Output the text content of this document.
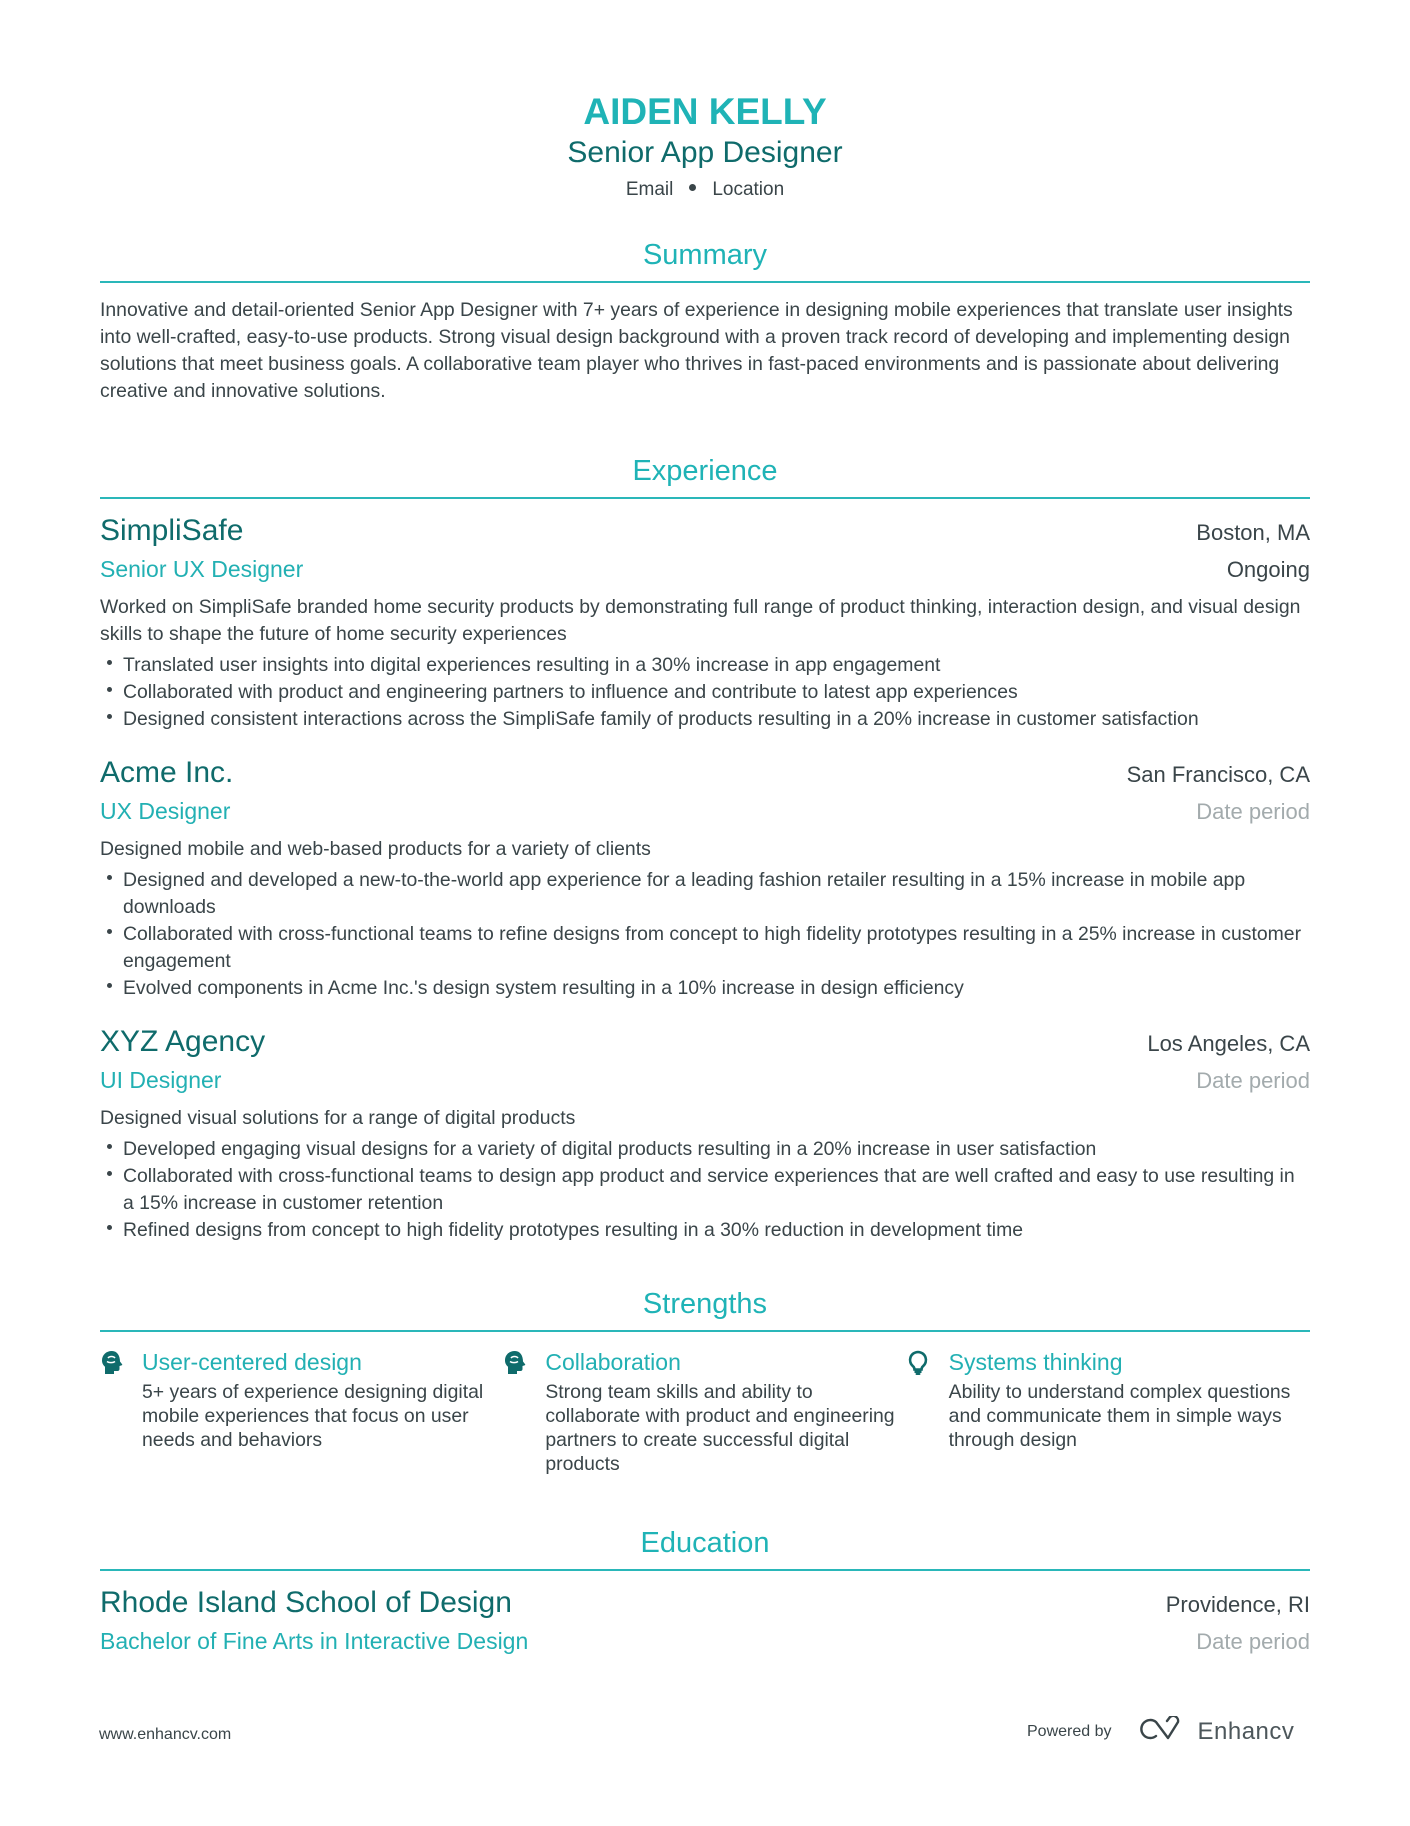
AIDEN KELLY
Senior App Designer
Email Location
Summary
Innovative and detail-oriented Senior App Designer with 7+ years of experience in designing mobile experiences that translate user insights into well-crafted, easy-to-use products. Strong visual design background with a proven track record of developing and implementing design solutions that meet business goals. A collaborative team player who thrives in fast-paced environments and is passionate about delivering creative and innovative solutions.
Experience
SimpliSafe	Boston, MA
Senior UX Designer	Ongoing
Worked on SimpliSafe branded home security products by demonstrating full range of product thinking, interaction design, and visual design skills to shape the future of home security experiences
Translated user insights into digital experiences resulting in a 30% increase in app engagement
Collaborated with product and engineering partners to influence and contribute to latest app experiences
Designed consistent interactions across the SimpliSafe family of products resulting in a 20% increase in customer satisfaction
Acme Inc.	San Francisco, CA
UX Designer	Date period
Designed mobile and web-based products for a variety of clients
Designed and developed a new-to-the-world app experience for a leading fashion retailer resulting in a 15% increase in mobile app downloads
Collaborated with cross-functional teams to refine designs from concept to high fidelity prototypes resulting in a 25% increase in customer engagement
Evolved components in Acme Inc.'s design system resulting in a 10% increase in design efficiency
XYZ Agency	Los Angeles, CA
UI Designer	Date period
Designed visual solutions for a range of digital products
Developed engaging visual designs for a variety of digital products resulting in a 20% increase in user satisfaction
Collaborated with cross-functional teams to design app product and service experiences that are well crafted and easy to use resulting in a 15% increase in customer retention
Refined designs from concept to high fidelity prototypes resulting in a 30% reduction in development time
Strengths
User-centered design
5+ years of experience designing digital mobile experiences that focus on user needs and behaviors
Collaboration
Strong team skills and ability to collaborate with product and engineering partners to create successful digital products
Systems thinking
Ability to understand complex questions and communicate them in simple ways through design
Education
Rhode Island School of Design	Providence, RI
Bachelor of Fine Arts in Interactive Design	Date period
www.enhancv.com	Powered by	Enhancv
